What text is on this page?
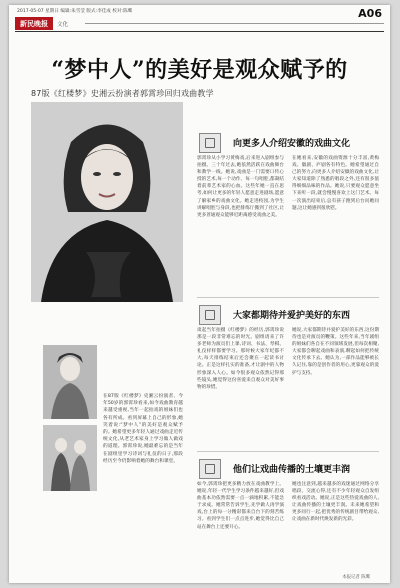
2017-05-07 星期日 编辑:朱雪莹 版式:李佳成 校对:陈鹰	A06
新民晚报	文化
“梦中人”的美好是观众赋予的
87版《红楼梦》史湘云扮演者郭霄珍回归戏曲教学
在87版《红楼梦》史湘云扮演者、今年50岁的郭霄珍看来,如今戏曲教育越来越受重视,当年一起拍戏的姐妹们也各有所成。看到屏幕上自己的形象,她笑着说:“梦中人”的美好是观众赋予的。她希望更多年轻人通过戏曲走近传统文化,从老艺术家身上学习做人做戏的道理。郭霄珍说,她最难忘的是当年在剧组里学习诗词与礼仪的日子,那段经历至今仍影响着她的舞台和课堂。
向更多人介绍安徽的戏曲文化
郭霄珍从小学习黄梅戏,后来进入剧组参与拍摄。三十年过去,她依然活跃在戏曲舞台和教学一线。她说,戏曲是一门需要口传心授的艺术,每一个动作、每一句唱腔,都凝结着前辈艺术家的心血。这些年她一直在思考,如何让更多的年轻人愿意走进剧场,愿意了解家乡的戏曲文化。她走进校园,为学生讲解唱腔与身段,也把排练厅搬到了社区,让更多普通观众能够近距离感受戏曲之美。
在她看来,安徽的戏曲资源十分丰富,黄梅戏、徽剧、庐剧各有特色。她希望通过自己的努力,向更多人介绍安徽的戏曲文化,让大家知道除了熟悉的唱段之外,还有很多值得细细品味的作品。她说,只要观众愿意坐下来听一段,就会慢慢喜欢上这门艺术。每一次演出结束后,总有孩子跑到后台问她问题,这让她感到很欣慰。
大家都期待并爱护美好的东西
谈起当年拍摄《红楼梦》的经历,郭霄珍说那是一段非常难忘的时光。剧组请来了许多老师为演员们上课,诗词、书法、琴棋、礼仪样样都要学习。那时候大家年纪都不大,每天排练结束后还会聚在一起读书讨论。正是这样扎实的准备,才让剧中的人物形象深入人心。如今很多观众依然记得那些镜头,她觉得这份喜爱来自观众对美好事物的珍惜。
她说,大家都期待并爱护美好的东西,这份期待也是对演员的鞭策。这些年来,当年剧组的姐妹们各自在不同领域发展,但每次相聚,大家都会聊起戏曲和表演,聊起如何把传统文化传承下去。她认为,一部作品能够被长久记住,靠的是创作者的用心,更靠观众的爱护与支持。
他们让戏曲传播的土壤更丰润
如今,郭霄珍把更多精力放在戏曲教学上。她说,年轻一代学生学习条件越来越好,但戏曲基本功依然需要一点一滴地积累,不能急于求成。她常常告诉学生,先学做人再学演戏,台上的每一分精彩都来自台下的刻苦练习。看到学生们一点点进步,她觉得比自己站在舞台上还要开心。
她也注意到,越来越多的戏迷通过网络分享唱段、交流心得,还有不少年轻观众自发组织看戏活动。她说,正是这些热爱戏曲的人,让戏曲传播的土壤更丰润。未来她希望和更多同行一起,把优秀的传统剧目带给观众,让戏曲在新时代焕发新的光彩。
本报记者 陈鹰
